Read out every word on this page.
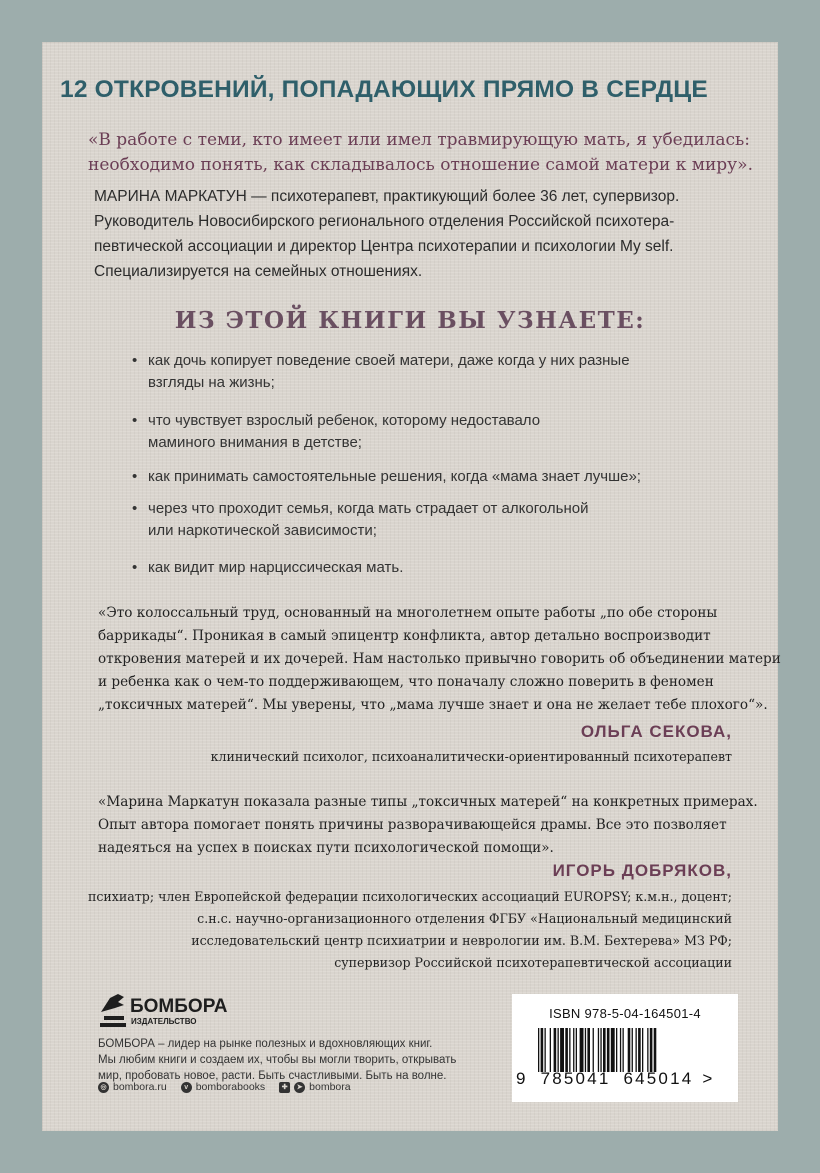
12 ОТКРОВЕНИЙ, ПОПАДАЮЩИХ ПРЯМО В СЕРДЦЕ
«В работе с теми, кто имеет или имел травмирующую мать, я убедилась:
необходимо понять, как складывалось отношение самой матери к миру».
МАРИНА МАРКАТУН — психотерапевт, практикующий более 36 лет, супервизор.
Руководитель Новосибирского регионального отделения Российской психотера-
певтической ассоциации и директор Центра психотерапии и психологии My self.
Специализируется на семейных отношениях.
ИЗ ЭТОЙ КНИГИ ВЫ УЗНАЕТЕ:
• как дочь копирует поведение своей матери, даже когда у них разные
взгляды на жизнь;
• что чувствует взрослый ребенок, которому недоставало
маминого внимания в детстве;
• как принимать самостоятельные решения, когда «мама знает лучше»;
• через что проходит семья, когда мать страдает от алкогольной
или наркотической зависимости;
• как видит мир нарциссическая мать.
«Это колоссальный труд, основанный на многолетнем опыте работы „по обе стороны
баррикады“. Проникая в самый эпицентр конфликта, автор детально воспроизводит
откровения матерей и их дочерей. Нам настолько привычно говорить об объединении матери
и ребенка как о чем-то поддерживающем, что поначалу сложно поверить в феномен
„токсичных матерей“. Мы уверены, что „мама лучше знает и она не желает тебе плохого“».
ОЛЬГА СЕКОВА,
клинический психолог, психоаналитически-ориентированный психотерапевт
«Марина Маркатун показала разные типы „токсичных матерей“ на конкретных примерах.
Опыт автора помогает понять причины разворачивающейся драмы. Все это позволяет
надеяться на успех в поисках пути психологической помощи».
ИГОРЬ ДОБРЯКОВ,
психиатр; член Европейской федерации психологических ассоциаций EUROPSY; к.м.н., доцент;
с.н.с. научно-организационного отделения ФГБУ «Национальный медицинский
исследовательский центр психиатрии и неврологии им. В.М. Бехтерева» МЗ РФ;
супервизор Российской психотерапевтической ассоциации
БОМБОРА
ИЗДАТЕЛЬСТВО
БОМБОРА – лидер на рынке полезных и вдохновляющих книг.
Мы любим книги и создаем их, чтобы вы могли творить, открывать
мир, пробовать новое, расти. Быть счастливыми. Быть на волне.
◎ bombora.ru	v bomborabooks	✚	➤ bombora
ISBN 978-5-04-164501-4
9 785041 645014 >
